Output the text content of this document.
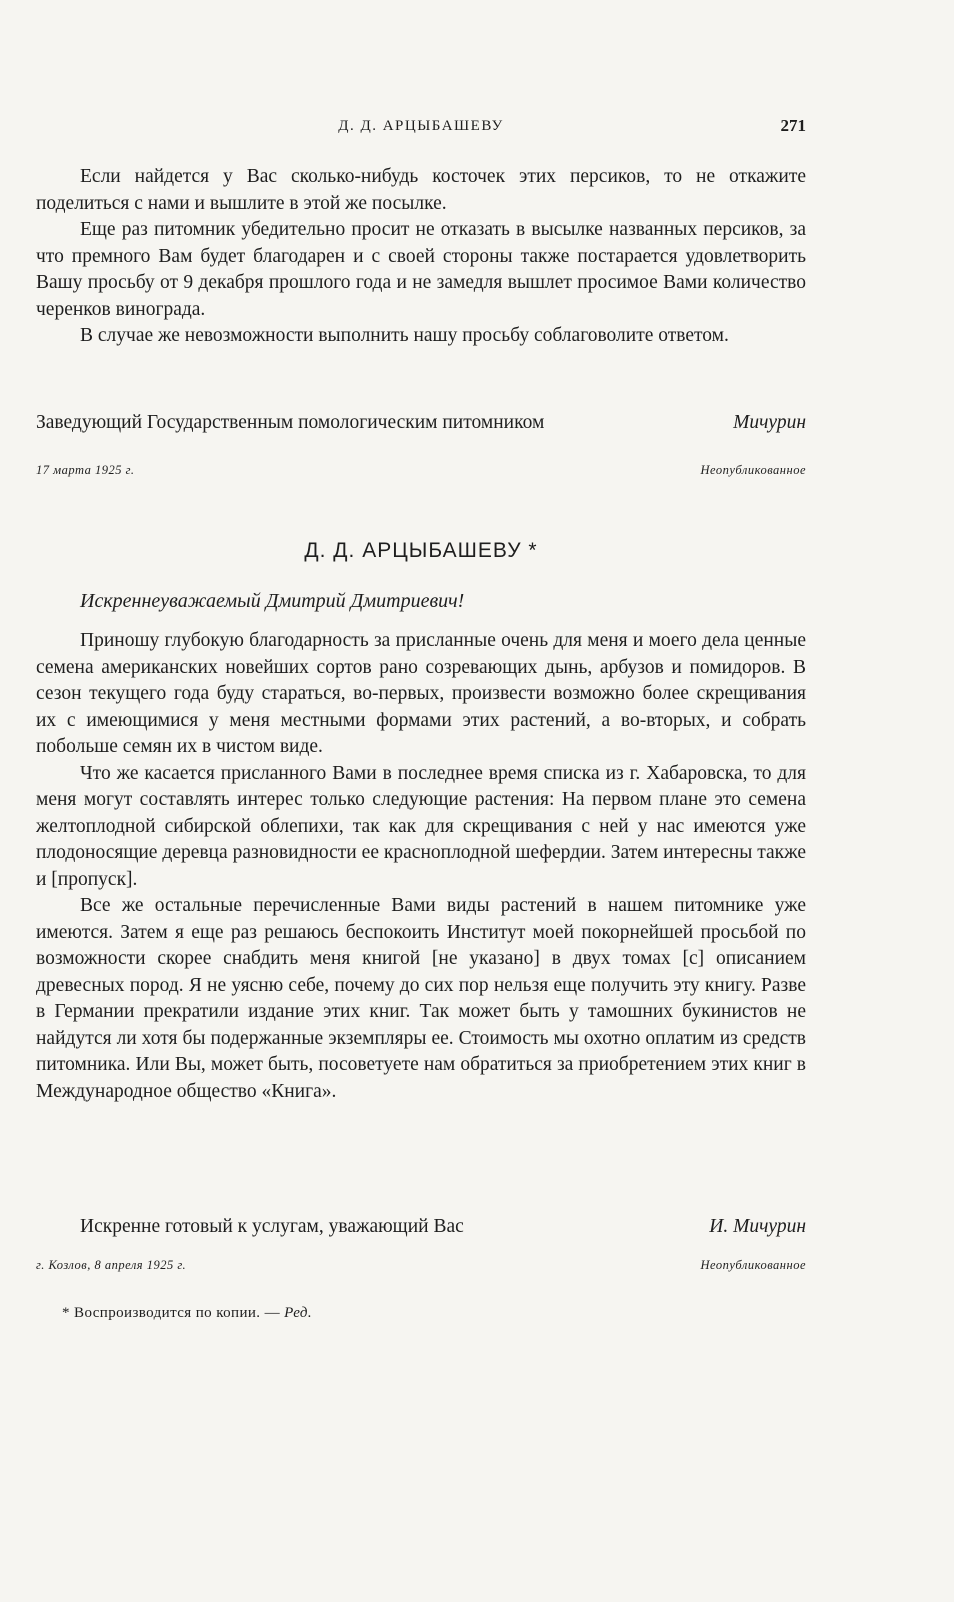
Д. Д. АРЦЫБАШЕВУ	271

Если найдется у Вас сколько-нибудь косточек этих персиков, то не откажите поделиться с нами и вышлите в этой же посылке.

Еще раз питомник убедительно просит не отказать в высылке названных персиков, за что премного Вам будет благодарен и с своей стороны также постарается удовлетворить Вашу просьбу от 9 декабря прошлого года и не замедля вышлет просимое Вами количество черенков винограда.

В случае же невозможности выполнить нашу просьбу соблаговолите ответом.

Заведующий Государственным помологическим питомником	Мичурин
17 марта 1925 г.	Неопубликованное
Д. Д. АРЦЫБАШЕВУ *
Искреннеуважаемый Дмитрий Дмитриевич!

Приношу глубокую благодарность за присланные очень для меня и моего дела ценные семена американских новейших сортов рано созревающих дынь, арбузов и помидоров. В сезон текущего года буду стараться, во-первых, произвести возможно более скрещивания их с имеющимися у меня местными формами этих растений, а во-вторых, и собрать побольше семян их в чистом виде.

Что же касается присланного Вами в последнее время списка из г. Хабаровска, то для меня могут составлять интерес только следующие растения: На первом плане это семена желтоплодной сибирской облепихи, так как для скрещивания с ней у нас имеются уже плодоносящие деревца разновидности ее краснoплодной шефердии. Затем интересны также и [пропуск].

Все же остальные перечисленные Вами виды растений в нашем питомнике уже имеются. Затем я еще раз решаюсь беспокоить Институт моей покорнейшей просьбой по возможности скорее снабдить меня книгой [не указано] в двух томах [с] описанием древесных пород. Я не уясню себе, почему до сих пор нельзя еще получить эту книгу. Разве в Германии прекратили издание этих книг. Так может быть у тамошних букинистов не найдутся ли хотя бы подержанные экземпляры ее. Стоимость мы охотно оплатим из средств питомника. Или Вы, может быть, посоветуете нам обратиться за приобретением этих книг в Международное общество «Книга».

Искренне готовый к услугам, уважающий Вас	И. Мичурин
г. Козлов, 8 апреля 1925 г.	Неопубликованное
* Воспроизводится по копии. — Ред.
